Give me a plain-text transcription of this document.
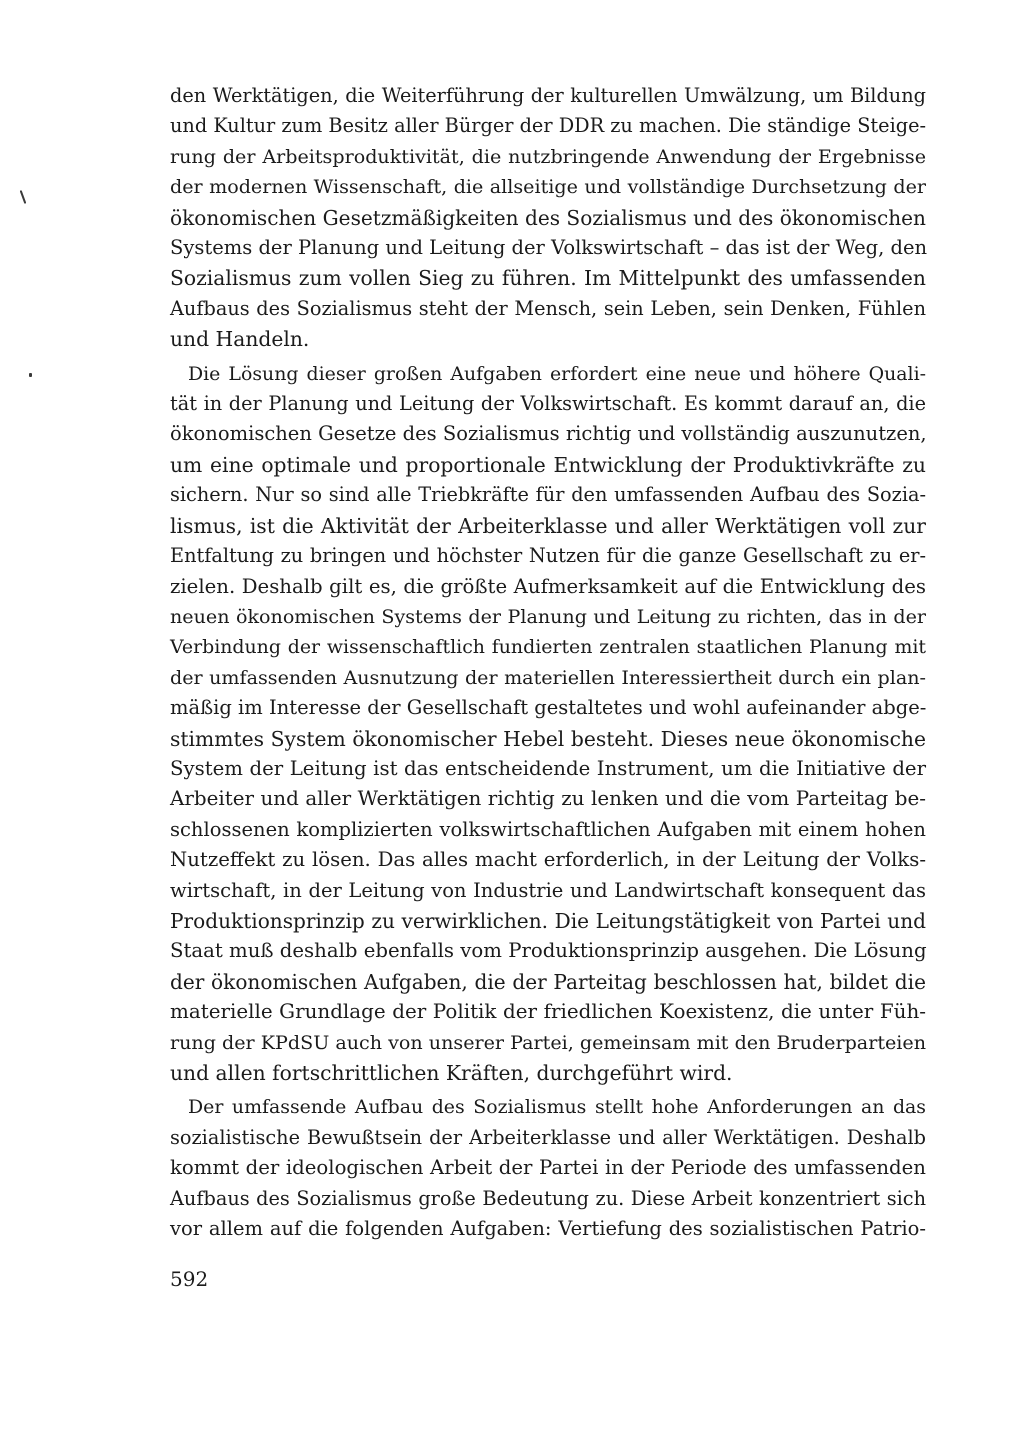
den Werktätigen, die Weiterführung der kulturellen Umwälzung, um Bildung
und Kultur zum Besitz aller Bürger der DDR zu machen. Die ständige Steige-
rung der Arbeitsproduktivität, die nutzbringende Anwendung der Ergebnisse
der modernen Wissenschaft, die allseitige und vollständige Durchsetzung der
ökonomischen Gesetzmäßigkeiten des Sozialismus und des ökonomischen
Systems der Planung und Leitung der Volkswirtschaft – das ist der Weg, den
Sozialismus zum vollen Sieg zu führen. Im Mittelpunkt des umfassenden
Aufbaus des Sozialismus steht der Mensch, sein Leben, sein Denken, Fühlen
und Handeln.

Die Lösung dieser großen Aufgaben erfordert eine neue und höhere Quali-
tät in der Planung und Leitung der Volkswirtschaft. Es kommt darauf an, die
ökonomischen Gesetze des Sozialismus richtig und vollständig auszunutzen,
um eine optimale und proportionale Entwicklung der Produktivkräfte zu
sichern. Nur so sind alle Triebkräfte für den umfassenden Aufbau des Sozia-
lismus, ist die Aktivität der Arbeiterklasse und aller Werktätigen voll zur
Entfaltung zu bringen und höchster Nutzen für die ganze Gesellschaft zu er-
zielen. Deshalb gilt es, die größte Aufmerksamkeit auf die Entwicklung des
neuen ökonomischen Systems der Planung und Leitung zu richten, das in der
Verbindung der wissenschaftlich fundierten zentralen staatlichen Planung mit
der umfassenden Ausnutzung der materiellen Interessiertheit durch ein plan-
mäßig im Interesse der Gesellschaft gestaltetes und wohl aufeinander abge-
stimmtes System ökonomischer Hebel besteht. Dieses neue ökonomische
System der Leitung ist das entscheidende Instrument, um die Initiative der
Arbeiter und aller Werktätigen richtig zu lenken und die vom Parteitag be-
schlossenen komplizierten volkswirtschaftlichen Aufgaben mit einem hohen
Nutzeffekt zu lösen. Das alles macht erforderlich, in der Leitung der Volks-
wirtschaft, in der Leitung von Industrie und Landwirtschaft konsequent das
Produktionsprinzip zu verwirklichen. Die Leitungstätigkeit von Partei und
Staat muß deshalb ebenfalls vom Produktionsprinzip ausgehen. Die Lösung
der ökonomischen Aufgaben, die der Parteitag beschlossen hat, bildet die
materielle Grundlage der Politik der friedlichen Koexistenz, die unter Füh-
rung der KPdSU auch von unserer Partei, gemeinsam mit den Bruderparteien
und allen fortschrittlichen Kräften, durchgeführt wird.

Der umfassende Aufbau des Sozialismus stellt hohe Anforderungen an das
sozialistische Bewußtsein der Arbeiterklasse und aller Werktätigen. Deshalb
kommt der ideologischen Arbeit der Partei in der Periode des umfassenden
Aufbaus des Sozialismus große Bedeutung zu. Diese Arbeit konzentriert sich
vor allem auf die folgenden Aufgaben: Vertiefung des sozialistischen Patrio-

592
